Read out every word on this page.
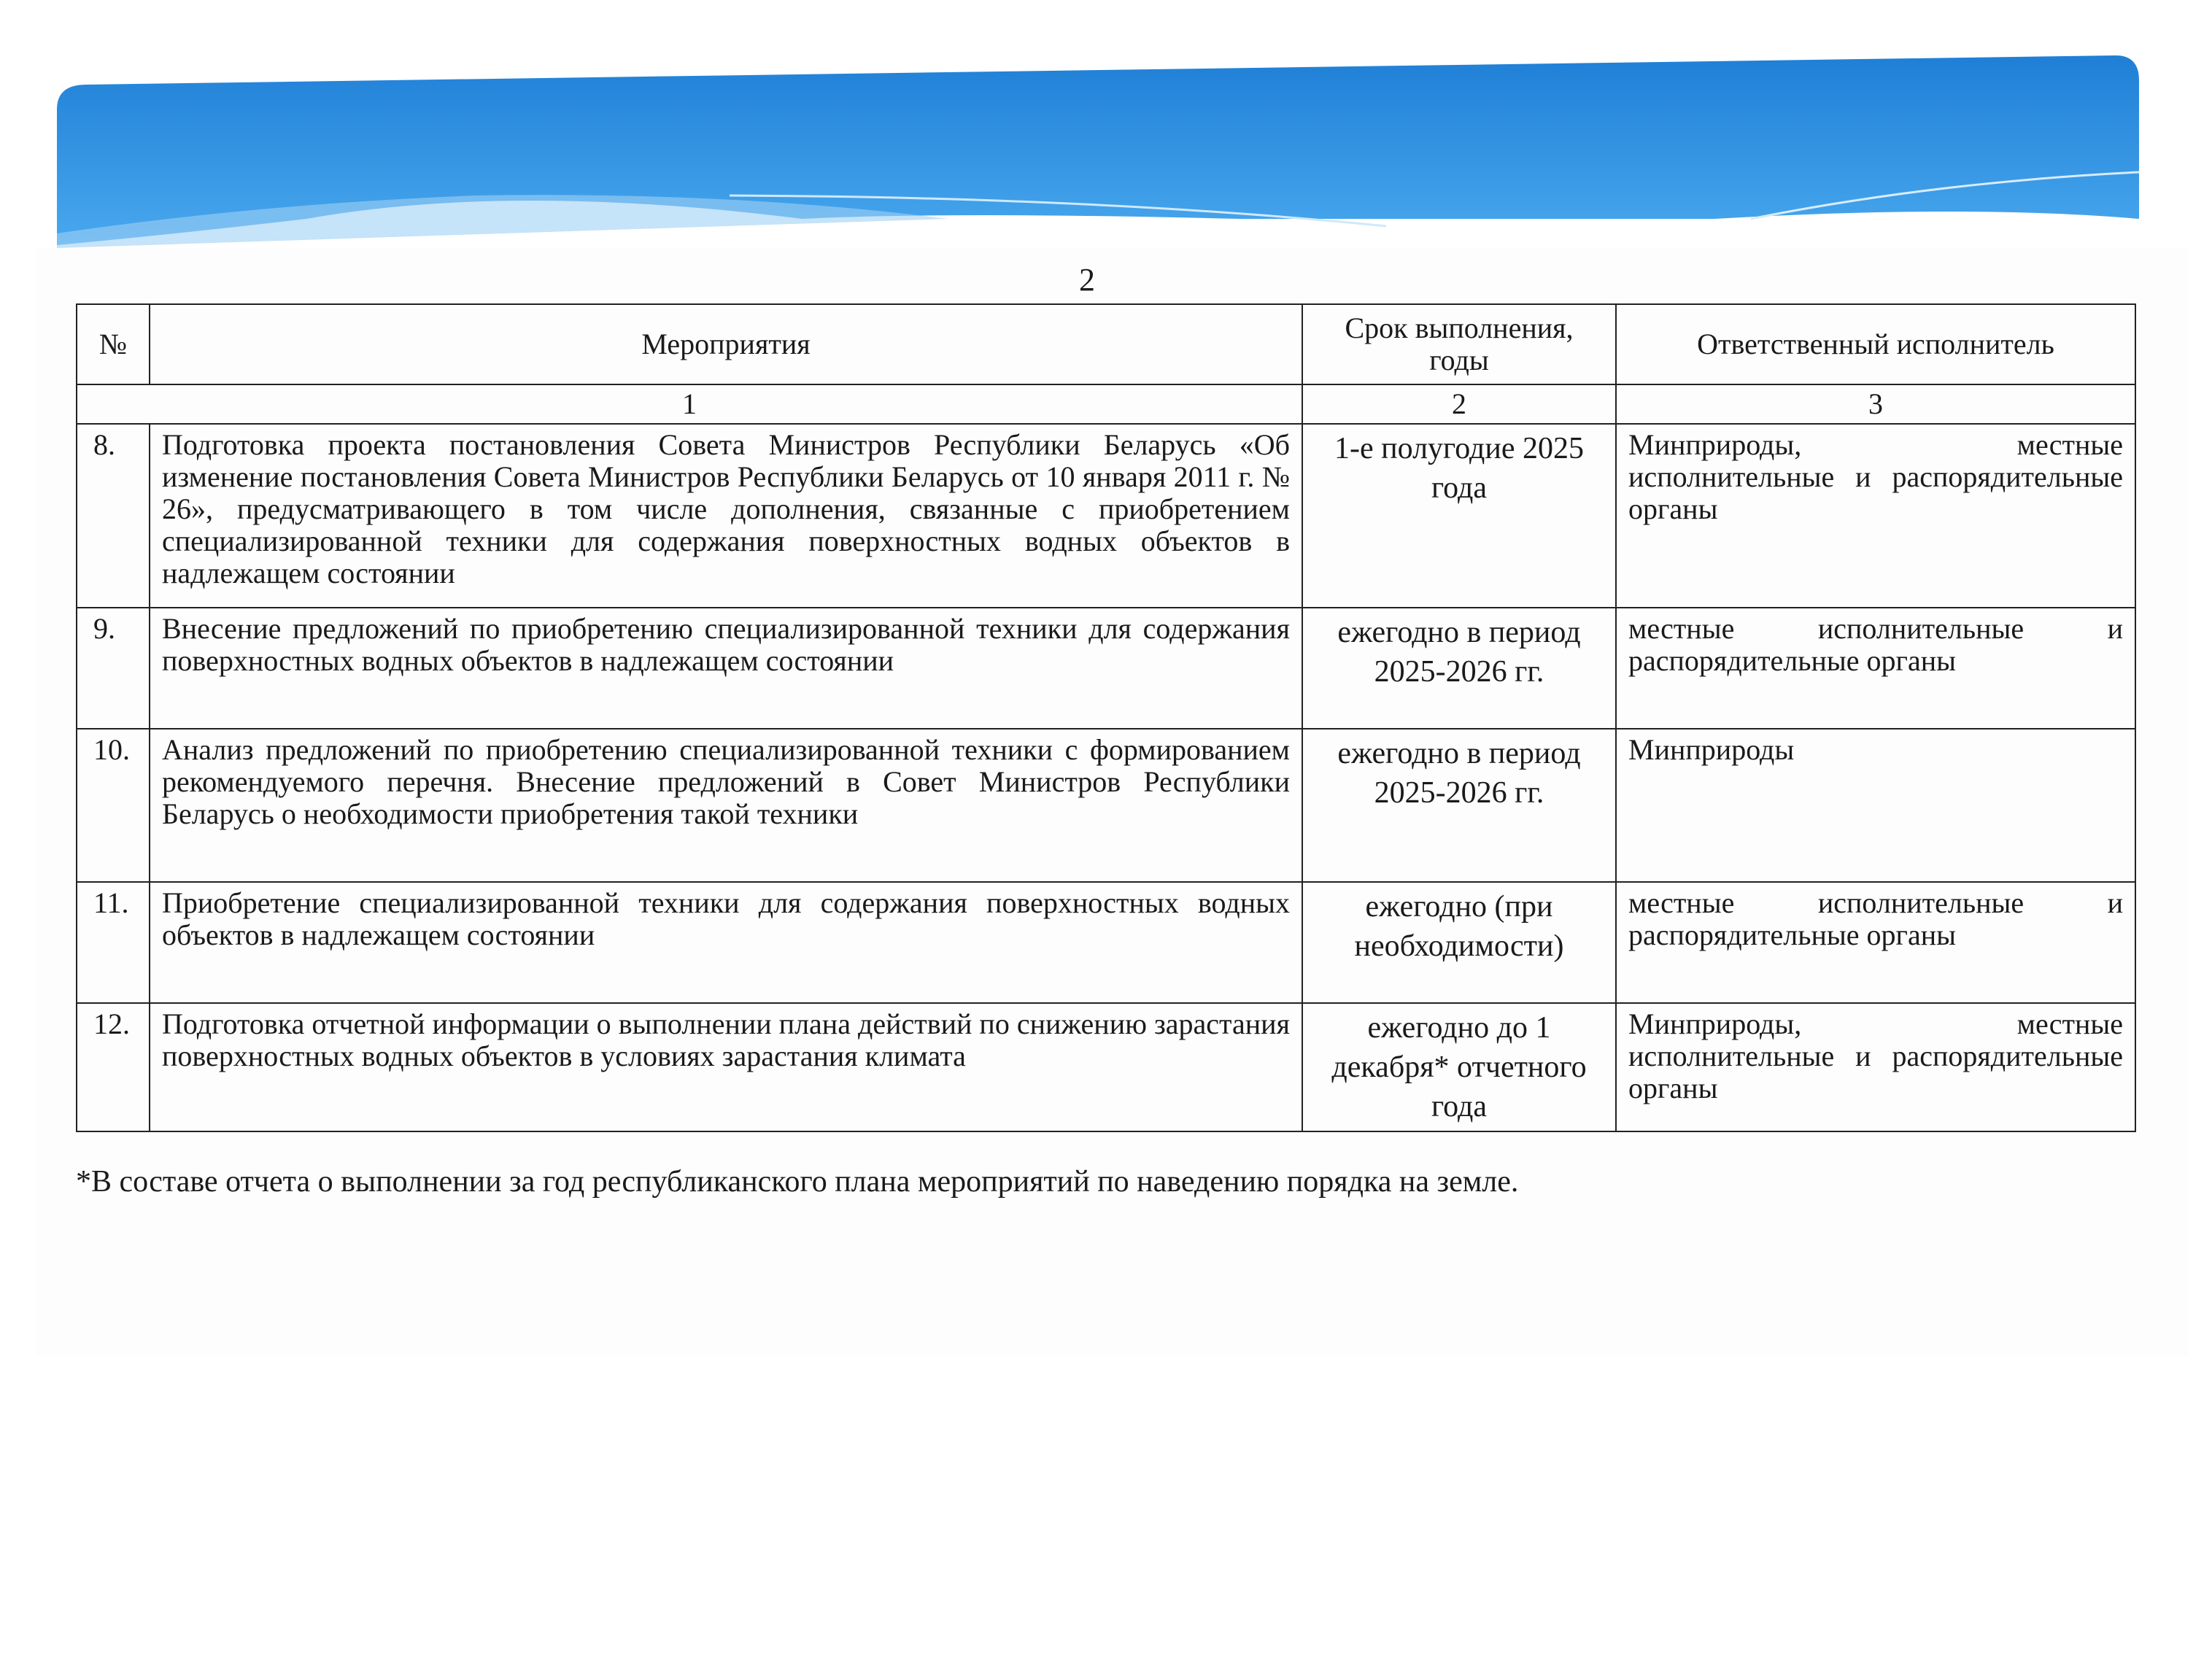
2
№	Мероприятия	Срок выполнения, годы	Ответственный исполнитель
1		2	3
8.	Подготовка проекта постановления Совета Министров Республики Беларусь «Об изменение постановления Совета Министров Республики Беларусь от 10 января 2011 г. № 26», предусматривающего в том числе дополнения, связанные с приобретением специализированной техники для содержания поверхностных водных объектов в надлежащем состоянии	1-е полугодие 2025 года	Минприроды, местные исполнительные и распорядительные органы
9.	Внесение предложений по приобретению специализированной техники для содержания поверхностных водных объектов в надлежащем состоянии	ежегодно в период 2025-2026 гг.	местные исполнительные и распорядительные органы
10.	Анализ предложений по приобретению специализированной техники с формированием рекомендуемого перечня. Внесение предложений в Совет Министров Республики Беларусь о необходимости приобретения такой техники	ежегодно в период 2025-2026 гг.	Минприроды
11.	Приобретение специализированной техники для содержания поверхностных водных объектов в надлежащем состоянии	ежегодно (при необходимости)	местные исполнительные и распорядительные органы
12.	Подготовка отчетной информации о выполнении плана действий по снижению зарастания поверхностных водных объектов в условиях зарастания климата	ежегодно до 1 декабря* отчетного года	Минприроды, местные исполнительные и распорядительные органы
*В составе отчета о выполнении за год республиканского плана мероприятий по наведению порядка на земле.
